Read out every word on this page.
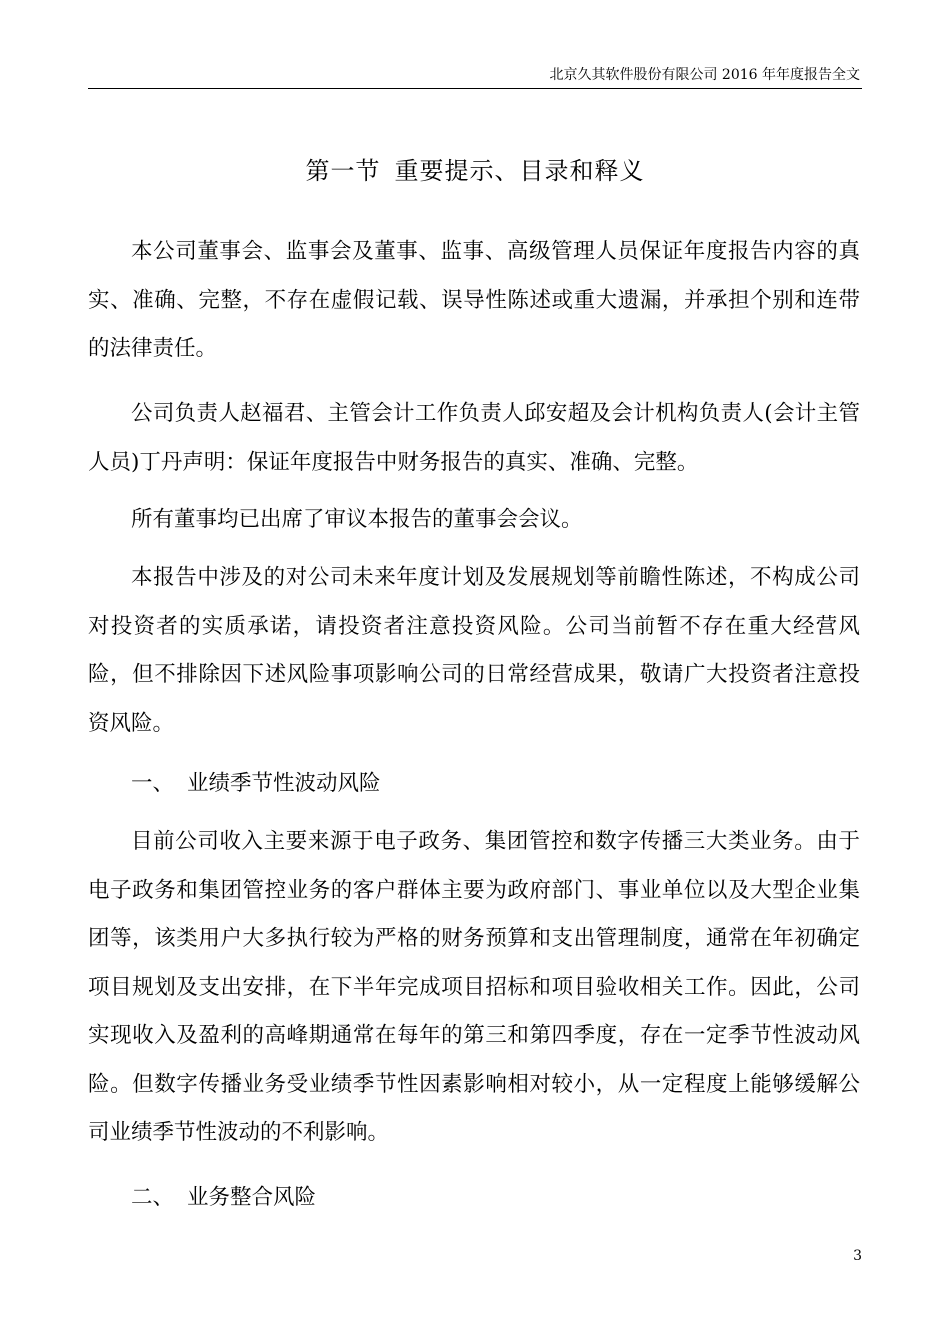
北京久其软件股份有限公司 2016 年年度报告全文
第一节 重要提示、目录和释义

本公司董事会、监事会及董事、监事、高级管理人员保证年度报告内容的真实、准确、完整，不存在虚假记载、误导性陈述或重大遗漏，并承担个别和连带的法律责任。

公司负责人赵福君、主管会计工作负责人邱安超及会计机构负责人(会计主管人员)丁丹声明：保证年度报告中财务报告的真实、准确、完整。

所有董事均已出席了审议本报告的董事会会议。

本报告中涉及的对公司未来年度计划及发展规划等前瞻性陈述，不构成公司对投资者的实质承诺，请投资者注意投资风险。公司当前暂不存在重大经营风险，但不排除因下述风险事项影响公司的日常经营成果，敬请广大投资者注意投资风险。

一、 业绩季节性波动风险

目前公司收入主要来源于电子政务、集团管控和数字传播三大类业务。由于电子政务和集团管控业务的客户群体主要为政府部门、事业单位以及大型企业集团等，该类用户大多执行较为严格的财务预算和支出管理制度，通常在年初确定项目规划及支出安排，在下半年完成项目招标和项目验收相关工作。因此，公司实现收入及盈利的高峰期通常在每年的第三和第四季度，存在一定季节性波动风险。但数字传播业务受业绩季节性因素影响相对较小，从一定程度上能够缓解公司业绩季节性波动的不利影响。

二、 业务整合风险

3
